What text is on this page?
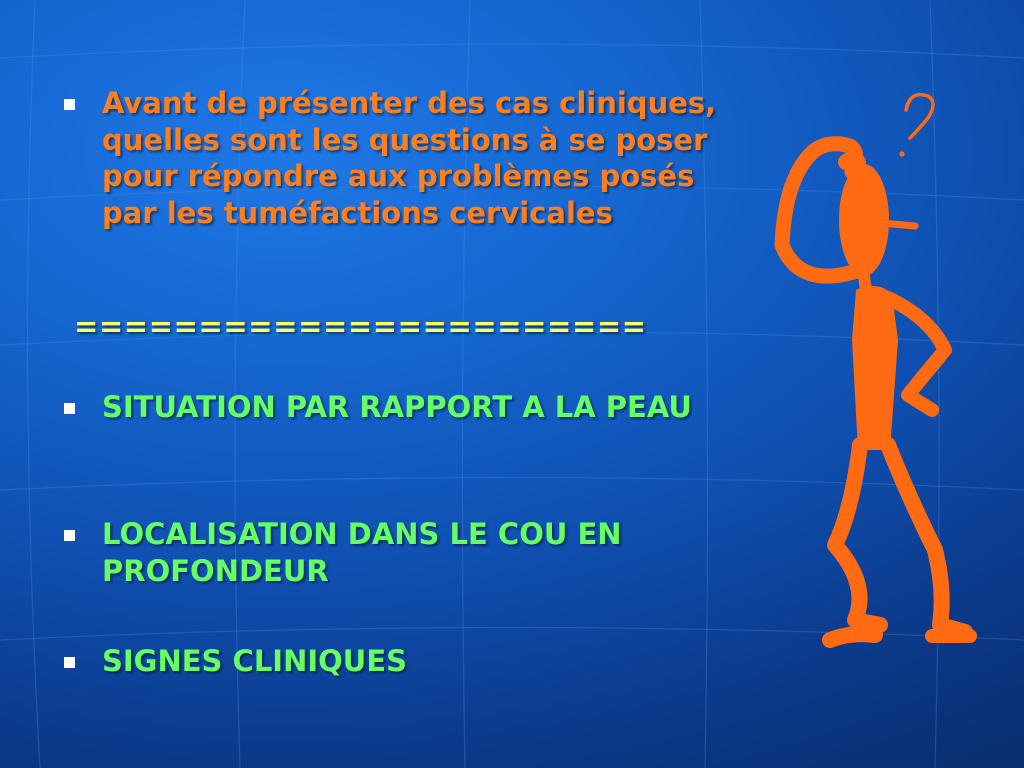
Avant de présenter des cas cliniques, quelles sont les questions à se poser pour répondre aux problèmes posés par les tuméfactions cervicales
=======================
SITUATION PAR RAPPORT A LA PEAU
LOCALISATION DANS LE COU EN PROFONDEUR
SIGNES CLINIQUES
